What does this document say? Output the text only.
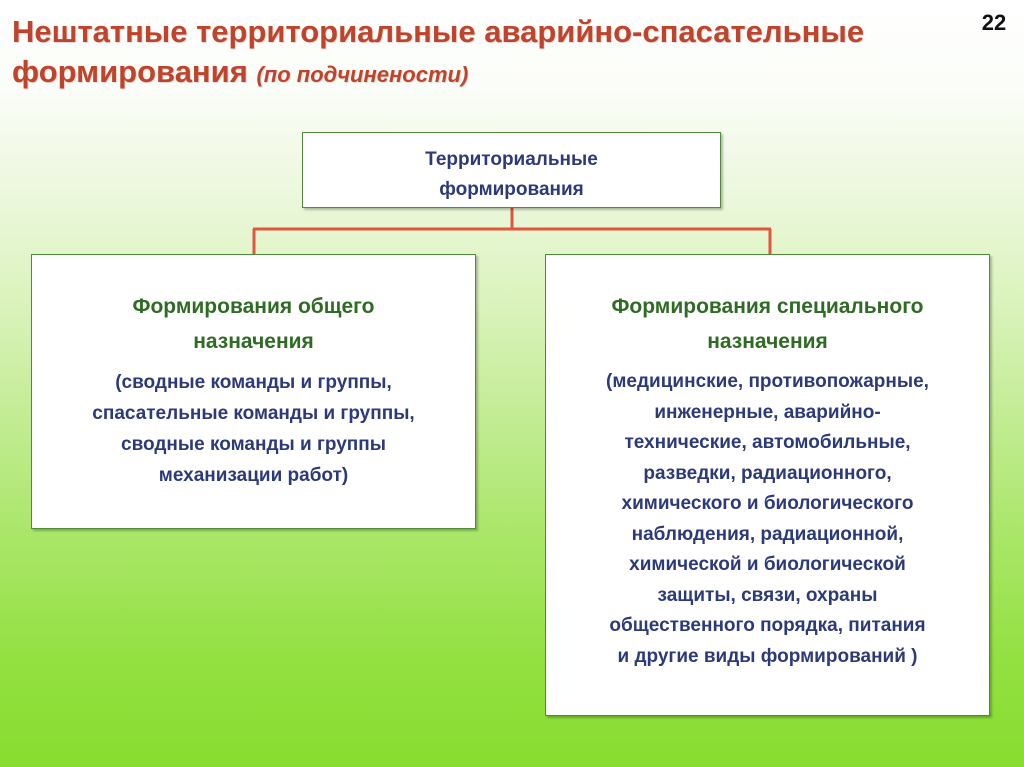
Нештатные территориальные аварийно-спасательные формирования (по подчинености)
22
Территориальные
формирования
Формирования общего
назначения
(сводные команды и группы,
спасательные команды и группы,
сводные команды и группы
механизации работ)
Формирования специального
назначения
(медицинские, противопожарные,
инженерные, аварийно-
технические, автомобильные,
разведки, радиационного,
химического и биологического
наблюдения, радиационной,
химической и биологической
защиты, связи, охраны
общественного порядка, питания
и другие виды формирований )
